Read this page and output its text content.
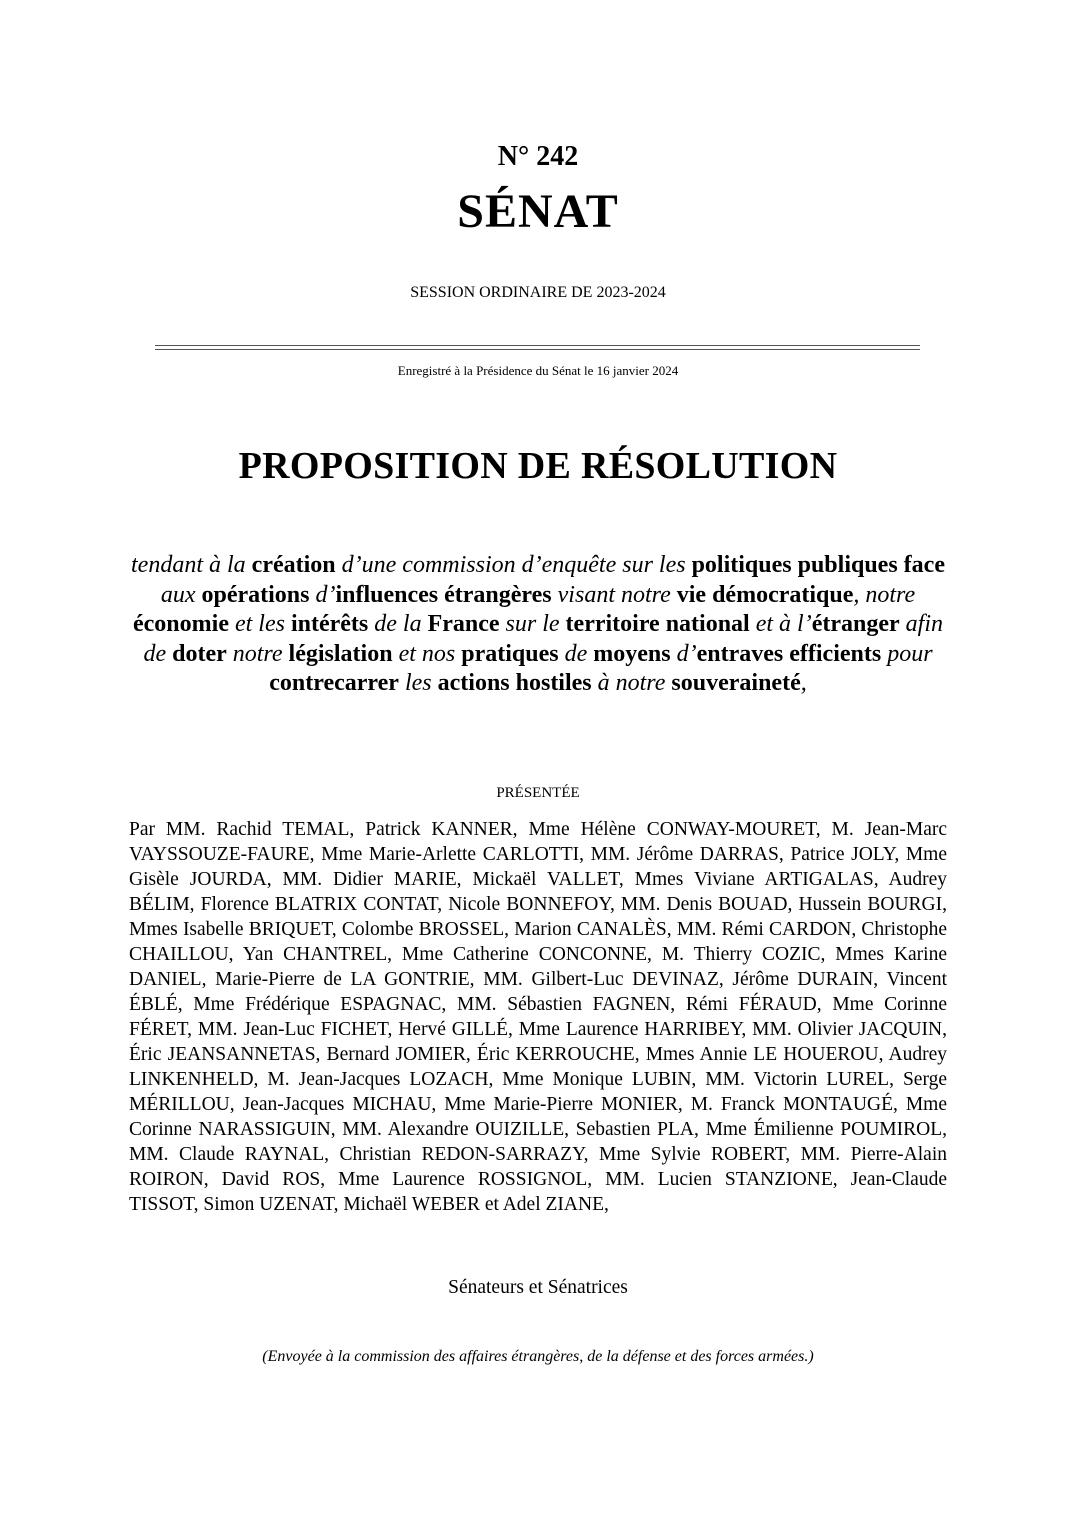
N° 242
SÉNAT
SESSION ORDINAIRE DE 2023-2024
Enregistré à la Présidence du Sénat le 16 janvier 2024
PROPOSITION DE RÉSOLUTION
tendant à la création d’une commission d’enquête sur les politiques publiques face aux opérations d’influences étrangères visant notre vie démocratique, notre économie et les intérêts de la France sur le territoire national et à l’étranger afin de doter notre législation et nos pratiques de moyens d’entraves efficients pour contrecarrer les actions hostiles à notre souveraineté,
PRÉSENTÉE
Par MM. Rachid TEMAL, Patrick KANNER, Mme Hélène CONWAY-MOURET, M. Jean-Marc VAYSSOUZE-FAURE, Mme Marie-Arlette CARLOTTI, MM. Jérôme DARRAS, Patrice JOLY, Mme Gisèle JOURDA, MM. Didier MARIE, Mickaël VALLET, Mmes Viviane ARTIGALAS, Audrey BÉLIM, Florence BLATRIX CONTAT, Nicole BONNEFOY, MM. Denis BOUAD, Hussein BOURGI, Mmes Isabelle BRIQUET, Colombe BROSSEL, Marion CANALÈS, MM. Rémi CARDON, Christophe CHAILLOU, Yan CHANTREL, Mme Catherine CONCONNE, M. Thierry COZIC, Mmes Karine DANIEL, Marie-Pierre de LA GONTRIE, MM. Gilbert-Luc DEVINAZ, Jérôme DURAIN, Vincent ÉBLÉ, Mme Frédérique ESPAGNAC, MM. Sébastien FAGNEN, Rémi FÉRAUD, Mme Corinne FÉRET, MM. Jean-Luc FICHET, Hervé GILLÉ, Mme Laurence HARRIBEY, MM. Olivier JACQUIN, Éric JEANSANNETAS, Bernard JOMIER, Éric KERROUCHE, Mmes Annie LE HOUEROU, Audrey LINKENHELD, M. Jean-Jacques LOZACH, Mme Monique LUBIN, MM. Victorin LUREL, Serge MÉRILLOU, Jean-Jacques MICHAU, Mme Marie-Pierre MONIER, M. Franck MONTAUGÉ, Mme Corinne NARASSIGUIN, MM. Alexandre OUIZILLE, Sebastien PLA, Mme Émilienne POUMIROL, MM. Claude RAYNAL, Christian REDON-SARRAZY, Mme Sylvie ROBERT, MM. Pierre-Alain ROIRON, David ROS, Mme Laurence ROSSIGNOL, MM. Lucien STANZIONE, Jean-Claude TISSOT, Simon UZENAT, Michaël WEBER et Adel ZIANE,
Sénateurs et Sénatrices
(Envoyée à la commission des affaires étrangères, de la défense et des forces armées.)
